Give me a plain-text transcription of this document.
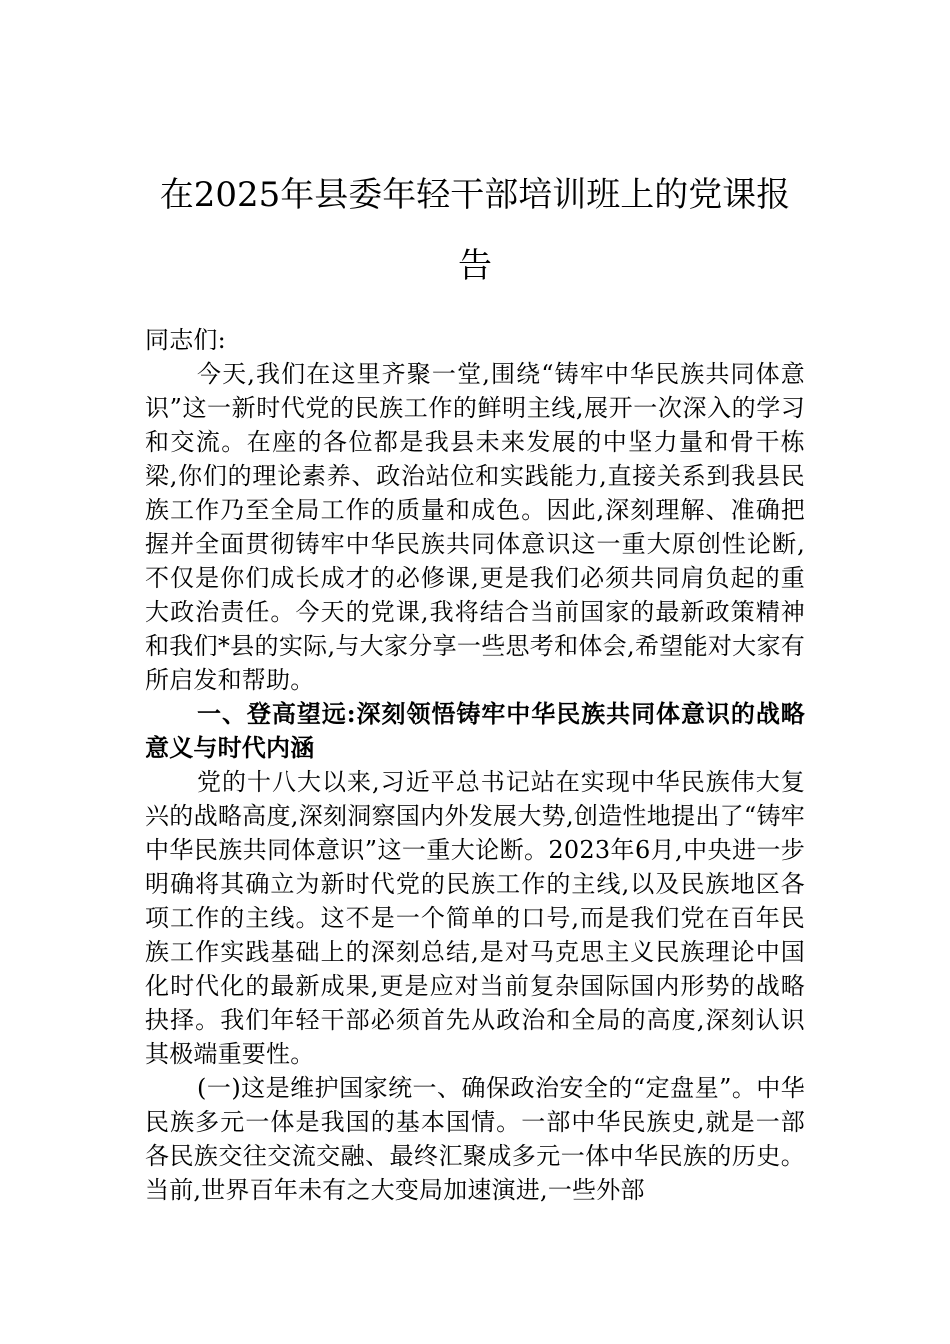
在2025年县委年轻干部培训班上的党课报告

同志们:

今天,我们在这里齐聚一堂,围绕“铸牢中华民族共同体意识”这一新时代党的民族工作的鲜明主线,展开一次深入的学习和交流。在座的各位都是我县未来发展的中坚力量和骨干栋梁,你们的理论素养、政治站位和实践能力,直接关系到我县民族工作乃至全局工作的质量和成色。因此,深刻理解、准确把握并全面贯彻铸牢中华民族共同体意识这一重大原创性论断,不仅是你们成长成才的必修课,更是我们必须共同肩负起的重大政治责任。今天的党课,我将结合当前国家的最新政策精神和我们*县的实际,与大家分享一些思考和体会,希望能对大家有所启发和帮助。

一、登高望远:深刻领悟铸牢中华民族共同体意识的战略意义与时代内涵

党的十八大以来,习近平总书记站在实现中华民族伟大复兴的战略高度,深刻洞察国内外发展大势,创造性地提出了“铸牢中华民族共同体意识”这一重大论断。2023年6月,中央进一步明确将其确立为新时代党的民族工作的主线,以及民族地区各项工作的主线。这不是一个简单的口号,而是我们党在百年民族工作实践基础上的深刻总结,是对马克思主义民族理论中国化时代化的最新成果,更是应对当前复杂国际国内形势的战略抉择。我们年轻干部必须首先从政治和全局的高度,深刻认识其极端重要性。

(一)这是维护国家统一、确保政治安全的“定盘星”。中华民族多元一体是我国的基本国情。一部中华民族史,就是一部各民族交往交流交融、最终汇聚成多元一体中华民族的历史。当前,世界百年未有之大变局加速演进,一些外部
